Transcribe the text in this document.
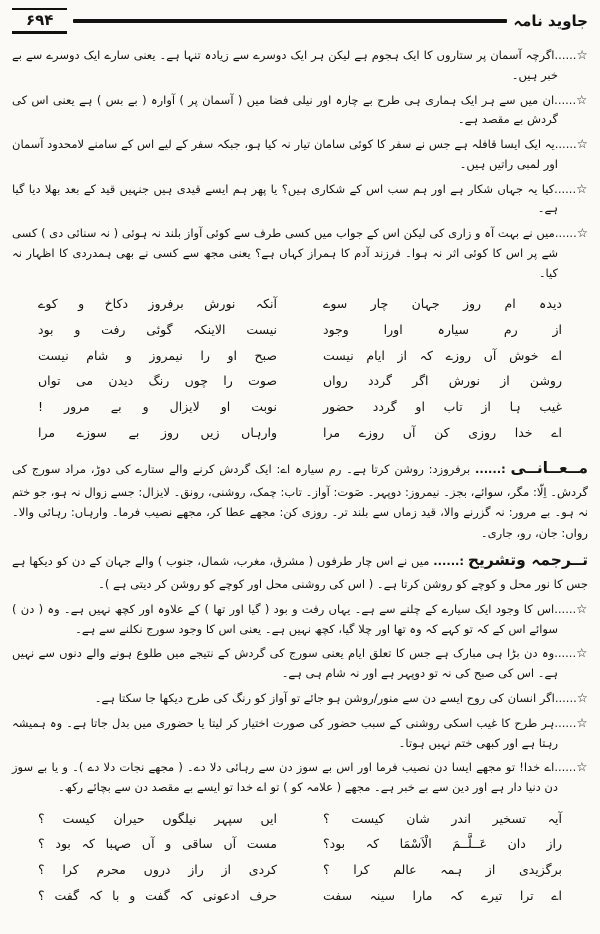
جاوید نامہ
۶۹۴

☆......اگرچہ آسمان پر ستاروں کا ایک ہجوم ہے لیکن ہر ایک دوسرے سے زیادہ تنہا ہے۔ یعنی سارے ایک دوسرے سے بے خبر ہیں۔

☆......ان میں سے ہر ایک ہماری ہی طرح بے چارہ اور نیلی فضا میں ( آسمان پر ) آوارہ ( بے بس ) ہے یعنی اس کی گردش بے مقصد ہے۔

☆......یہ ایک ایسا قافلہ ہے جس نے سفر کا کوئی سامان تیار نہ کیا ہو، جبکہ سفر کے لیے اس کے سامنے لامحدود آسمان اور لمبی راتیں ہیں۔

☆......کیا یہ جہاں شکار ہے اور ہم سب اس کے شکاری ہیں؟ یا پھر ہم ایسے قیدی ہیں جنہیں قید کے بعد بھلا دیا گیا ہے۔

☆......میں نے بہت آہ و زاری کی لیکن اس کے جواب میں کسی طرف سے کوئی آواز بلند نہ ہوئی ( نہ سنائی دی ) کسی شے پر اس کا کوئی اثر نہ ہوا۔ فرزند آدم کا ہمراز کہاں ہے؟ یعنی مجھ سے کسی نے بھی ہمدردی کا اظہار نہ کیا۔

دیدہ ام روز جہان چار سوے
آنکہ نورش برفروز دکاخ و کوے
از رم سیارہ اورا وجود
نیست الاینکہ گوئی رفت و بود
اے خوش آں روزے کہ از ایام نیست
صبح او را نیمروز و شام نیست
روشن از نورش اگر گردد رواں
صوت را چوں رنگ دیدن می تواں
غیب ہا از تاب او گردد حضور
نوبت او لایزال و بے مرور !
اے خدا روزی کن آں روزے مرا
وارہاں زیں روز بے سوزے مرا
مــعــانــی :...... برفروزد: روشن کرتا ہے۔ رم سیارہ اے: ایک گردش کرنے والے ستارے کی دوڑ، مراد سورج کی گردش۔ اِلّا: مگر، سوائے، بجز۔ نیمروز: دوپہر۔ صَوت: آواز۔ تاب: چمک، روشنی، رونق۔ لایزال: جسے زوال نہ ہو، جو ختم نہ ہو۔ بے مرور: نہ گزرنے والا، قید زماں سے بلند تر۔ روزی کن: مجھے عطا کر، مجھے نصیب فرما۔ وارہاں: رہائی والا۔ رواں: جان، رو، جاری۔
تــرجمہ وتشریح :...... میں نے اس چار طرفوں ( مشرق، مغرب، شمال، جنوب ) والے جہان کے دن کو دیکھا ہے جس کا نور محل و کوچے کو روشن کرتا ہے۔ ( اس کی روشنی محل اور کوچے کو روشن کر دیتی ہے )۔

☆......اس کا وجود ایک سیارے کے چلنے سے ہے۔ یہاں رفت و بود ( گیا اور تھا ) کے علاوہ اور کچھ نہیں ہے۔ وہ ( دن ) سوائے اس کے کہ تو کہے کہ وہ تھا اور چلا گیا، کچھ نہیں ہے۔ یعنی اس کا وجود سورج نکلنے سے ہے۔

☆......وہ دن بڑا ہی مبارک ہے جس کا تعلق ایام یعنی سورج کی گردش کے نتیجے میں طلوع ہونے والے دنوں سے نہیں ہے۔ اس کی صبح کی نہ تو دوپہر ہے اور نہ شام ہی ہے۔

☆......اگر انسان کی روح ایسے دن سے منور/روشن ہو جائے تو آواز کو رنگ کی طرح دیکھا جا سکتا ہے۔

☆......ہر طرح کا غیب اسکی روشنی کے سبب حضور کی صورت اختیار کر لیتا یا حضوری میں بدل جاتا ہے۔ وہ ہمیشہ رہتا ہے اور کبھی ختم نہیں ہوتا۔

☆......اے خدا! تو مجھے ایسا دن نصیب فرما اور اس بے سوز دن سے رہائی دلا دے۔ ( مجھے نجات دلا دے )۔ و یا بے سوز دن دنیا دار ہے اور دین سے بے خبر ہے۔ مجھے ( علامہ کو ) تو اے خدا تو ایسے بے مقصد دن سے بچائے رکھ۔

آیہ تسخیر اندر شان کیست ؟
ایں سپہر نیلگوں حیران کیست ؟
راز دان عَــلَّــمَ الْاَسْمَا کہ بود؟
مست آں ساقی و آں صہبا کہ بود ؟
برگزیدی از ہمہ عالم کرا ؟
کردی از راز دروں محرم کرا ؟
اے ترا تیرے کہ مارا سینہ سفت
حرف ادعونی کہ گفت و با کہ گفت ؟
